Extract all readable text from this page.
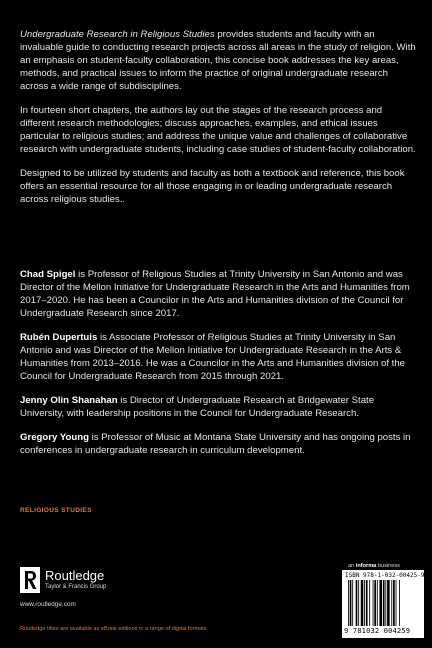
Undergraduate Research in Religious Studies provides students and faculty with an invaluable guide to conducting research projects across all areas in the study of religion. With an emphasis on student-faculty collaboration, this concise book addresses the key areas, methods, and practical issues to inform the practice of original undergraduate research across a wide range of subdisciplines.

In fourteen short chapters, the authors lay out the stages of the research process and different research methodologies; discuss approaches, examples, and ethical issues particular to religious studies; and address the unique value and challenges of collaborative research with undergraduate students, including case studies of student-faculty collaboration.

Designed to be utilized by students and faculty as both a textbook and reference, this book offers an essential resource for all those engaging in or leading undergraduate research across religious studies..

Chad Spigel is Professor of Religious Studies at Trinity University in San Antonio and was Director of the Mellon Initiative for Undergraduate Research in the Arts and Humanities from 2017–2020. He has been a Councilor in the Arts and Humanities division of the Council for Undergraduate Research since 2017.

Rubén Dupertuis is Associate Professor of Religious Studies at Trinity University in San Antonio and was Director of the Mellon Initiative for Undergraduate Research in the Arts & Humanities from 2013–2016. He was a Councilor in the Arts and Humanities division of the Council for Undergraduate Research from 2015 through 2021.

Jenny Olin Shanahan is Director of Undergraduate Research at Bridgewater State University, with leadership positions in the Council for Undergraduate Research.

Gregory Young is Professor of Music at Montana State University and has ongoing posts in conferences in undergraduate research in curriculum development.

RELIGIOUS STUDIES
Routledge
Taylor & Francis Group
www.routledge.com
Routledge titles are available as eBook editions in a range of digital formats
an informa business
ISBN 978-1-032-00425-9
9 781032 004259
